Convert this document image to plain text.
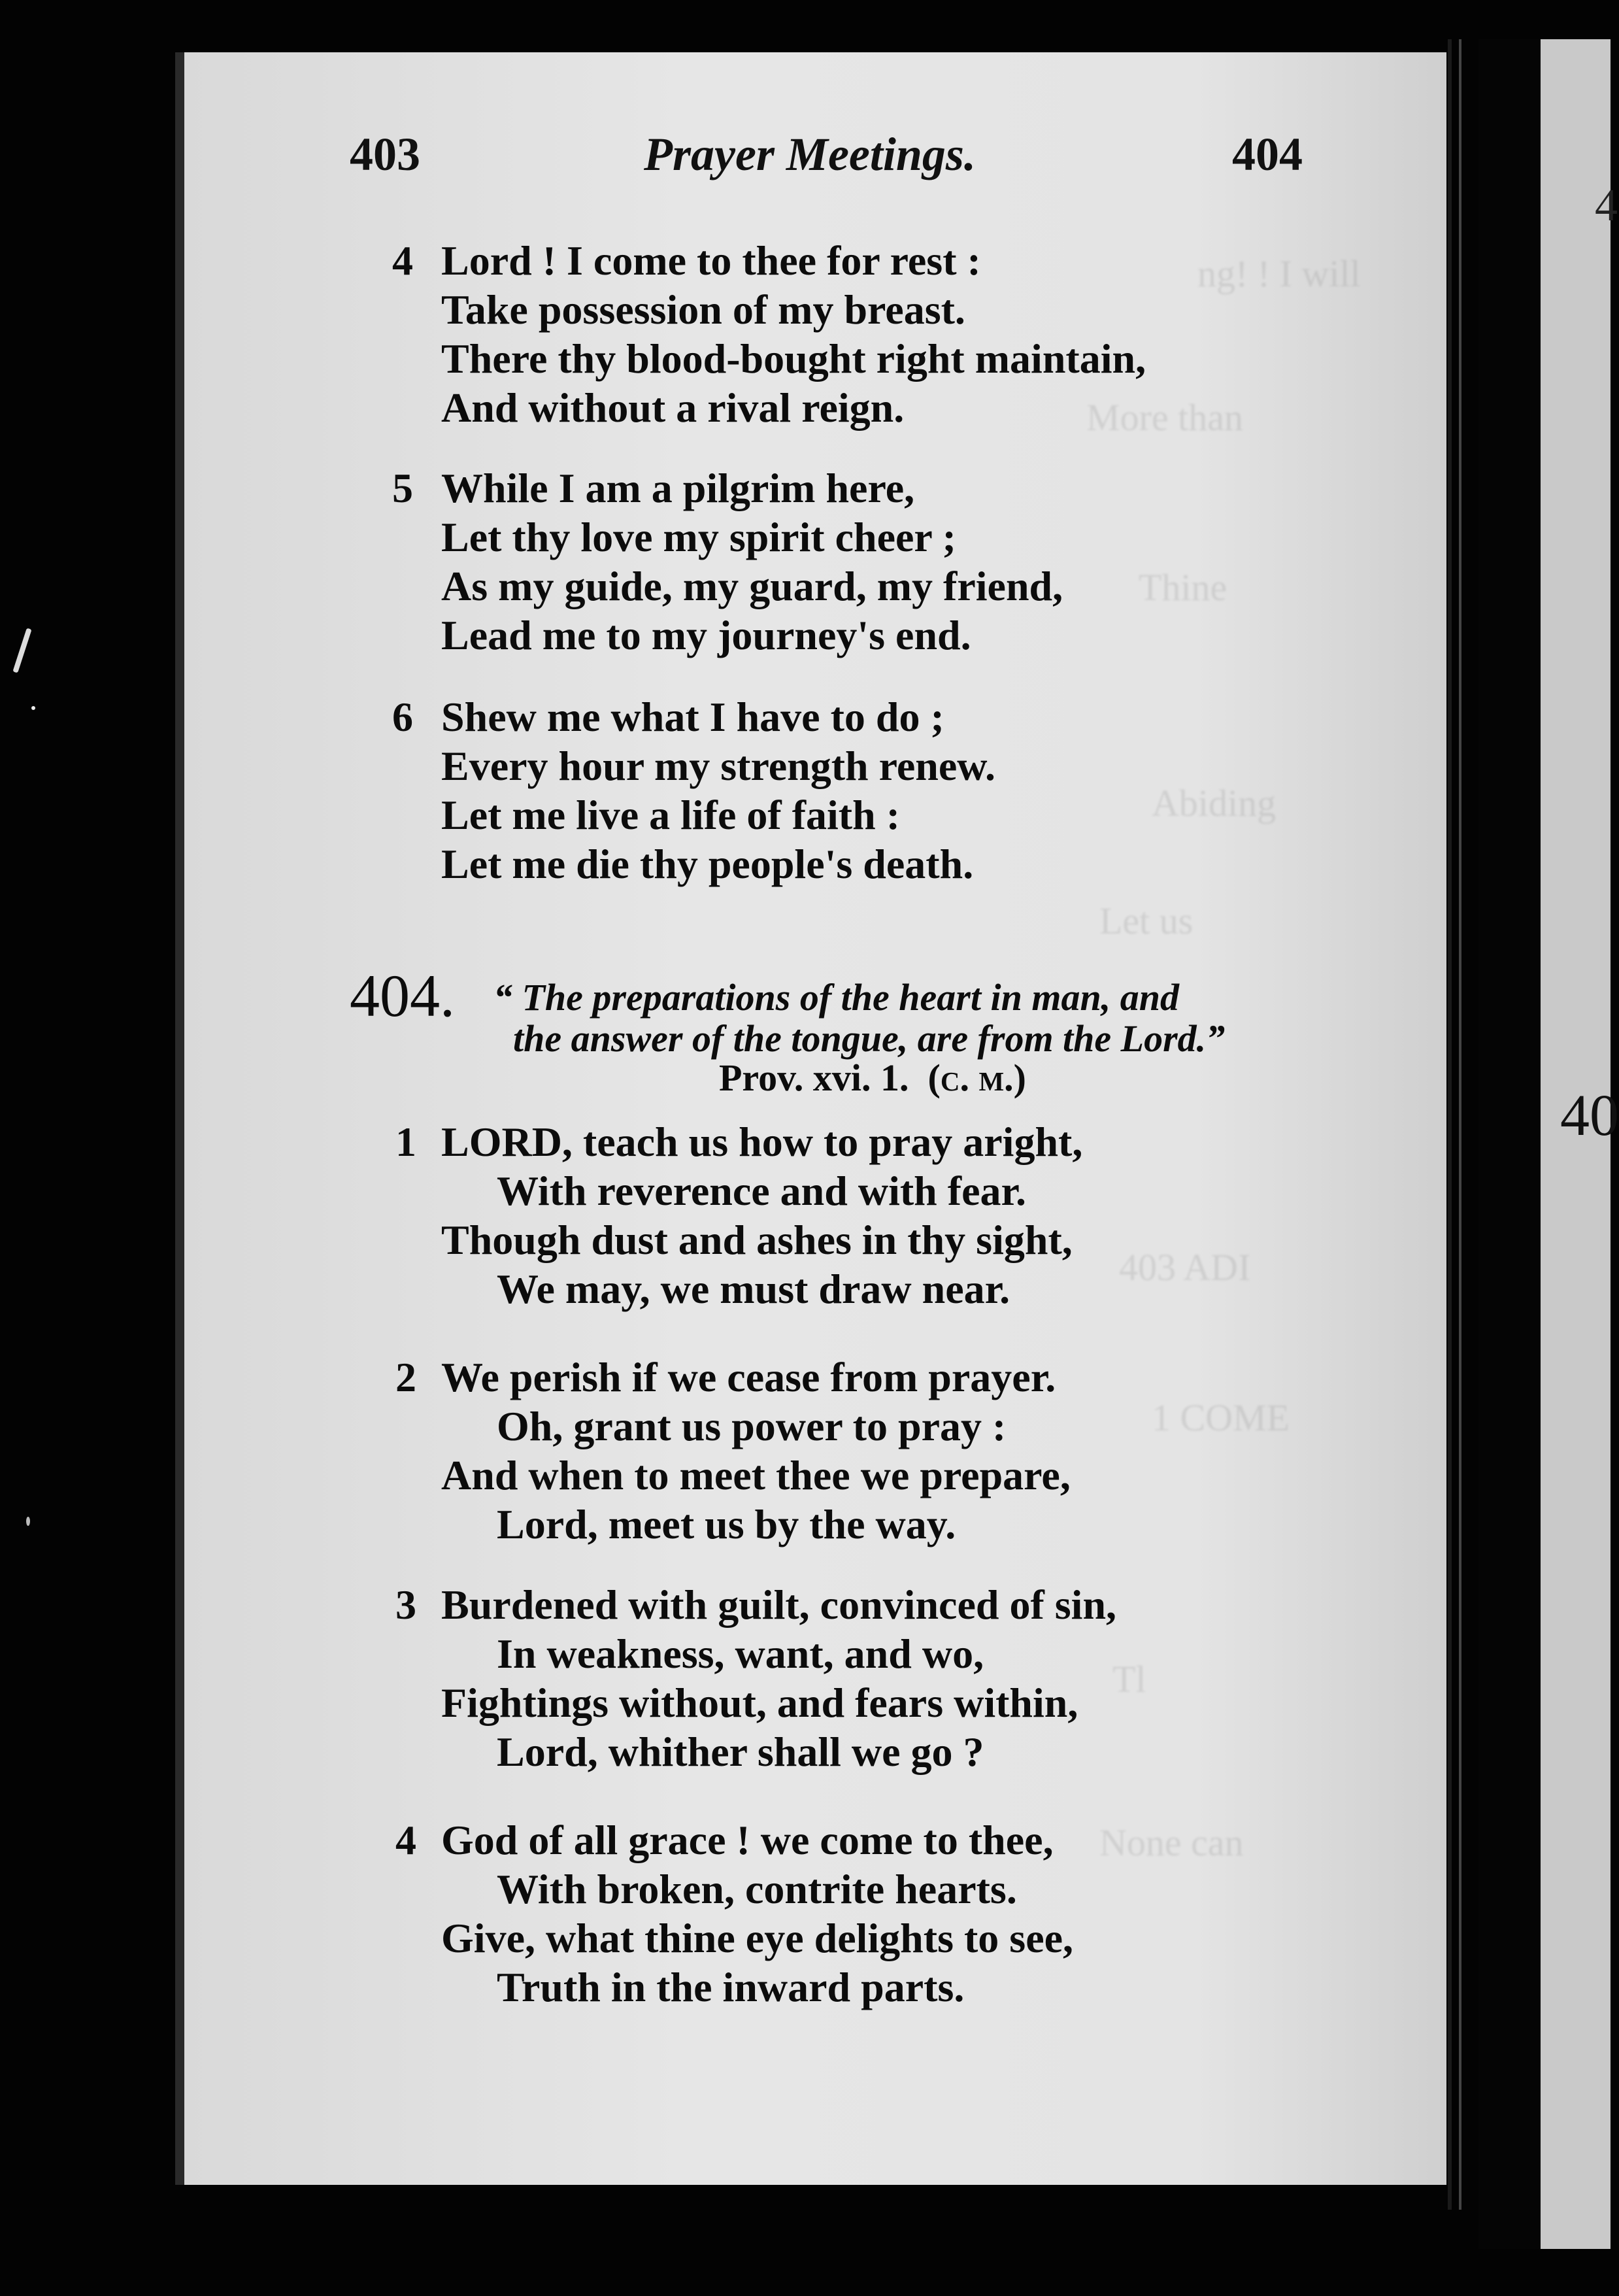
ng! ! I will
More than
Thine
Abiding
Let us
403 ADI
1 COME
Tl
None can
403	Prayer Meetings.	404
4 Lord ! I come to thee for rest :
Take possession of my breast.
There thy blood-bought right maintain,
And without a rival reign.
5 While I am a pilgrim here,
Let thy love my spirit cheer ;
As my guide, my guard, my friend,
Lead me to my journey's end.
6 Shew me what I have to do ;
Every hour my strength renew.
Let me live a life of faith :
Let me die thy people's death.
404. “ The preparations of the heart in man, and
the answer of the tongue, are from the Lord.”
Prov. xvi. 1. (c. m.)
1 LORD, teach us how to pray aright,
With reverence and with fear.
Though dust and ashes in thy sight,
We may, we must draw near.
2 We perish if we cease from prayer.
Oh, grant us power to pray :
And when to meet thee we prepare,
Lord, meet us by the way.
3 Burdened with guilt, convinced of sin,
In weakness, want, and wo,
Fightings without, and fears within,
Lord, whither shall we go ?
4 God of all grace ! we come to thee,
With broken, contrite hearts.
Give, what thine eye delights to see,
Truth in the inward parts.
4
40
